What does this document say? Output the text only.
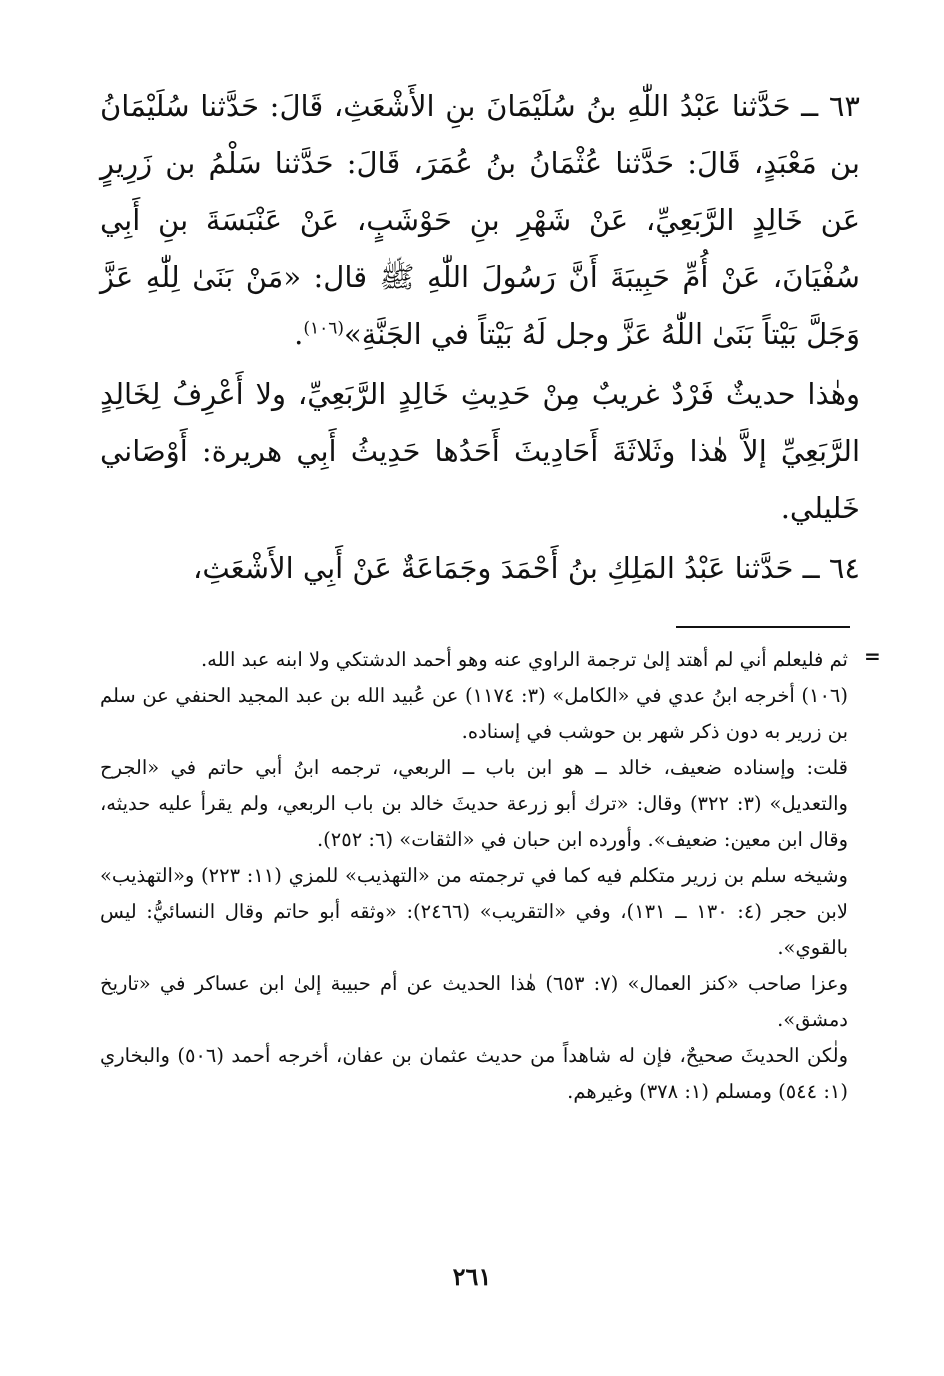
٦٣ ــ حَدَّثنا عَبْدُ اللّٰهِ بنُ سُلَيْمَانَ بنِ الأَشْعَثِ، قَالَ: حَدَّثنا سُلَيْمَانُ بن مَعْبَدٍ، قَالَ: حَدَّثنا عُثْمَانُ بنُ عُمَرَ، قَالَ: حَدَّثنا سَلْمُ بن زَرِيرٍ عَن خَالِدٍ الرَّبَعِيِّ، عَنْ شَهْرِ بنِ حَوْشَبٍ، عَنْ عَنْبَسَةَ بنِ أَبِي سُفْيَانَ، عَنْ أُمِّ حَبِيبَةَ أَنَّ رَسُولَ اللّٰهِ ﷺ قال: «مَنْ بَنَىٰ لِلّٰهِ عَزَّ وَجَلَّ بَيْتاً بَنَىٰ اللّٰهُ عَزَّ وجل لَهُ بَيْتاً في الجَنَّةِ»$^{(١٠٦)}$.

وهٰذا حديثٌ فَرْدٌ غريبٌ مِنْ حَدِيثِ خَالِدٍ الرَّبَعِيِّ، ولا أَعْرِفُ لِخَالِدٍ الرَّبَعِيِّ إلاَّ هٰذا وثَلاثَةَ أَحَادِيثَ أَحَدُها حَدِيثُ أَبِي هريرة: أَوْصَاني خَليلي.

٦٤ ــ حَدَّثنا عَبْدُ المَلِكِ بنُ أَحْمَدَ وجَمَاعَةٌ عَنْ أَبِي الأَشْعَثِ،

=

ثم فليعلم أني لم أهتد إلىٰ ترجمة الراوي عنه وهو أحمد الدشتكي ولا ابنه عبد الله.

(١٠٦) أخرجه ابنُ عدي في «الكامل» (٣: ١١٧٤) عن عُبيد الله بن عبد المجيد الحنفي عن سلم بن زرير به دون ذكر شهر بن حوشب في إسناده.

قلت: وإسناده ضعيف، خالد ــ هو ابن باب ــ الربعي، ترجمه ابنُ أبي حاتم في «الجرح والتعديل» (٣: ٣٢٢) وقال: «ترك أبو زرعة حديثَ خالد بن باب الربعي، ولم يقرأ عليه حديثه، وقال ابن معين: ضعيف». وأورده ابن حبان في «الثقات» (٦: ٢٥٢).

وشيخه سلم بن زرير متكلم فيه كما في ترجمته من «التهذيب» للمزي (١١: ٢٢٣) و«التهذيب» لابن حجر (٤: ١٣٠ ــ ١٣١)، وفي «التقريب» (٢٤٦٦): «وثقه أبو حاتم وقال النسائيُّ: ليس بالقوي».

وعزا صاحب «كنز العمال» (٧: ٦٥٣) هٰذا الحديث عن أم حبيبة إلىٰ ابن عساكر في «تاريخ دمشق».

ولٰكن الحديثَ صحيحٌ، فإن له شاهداً من حديث عثمان بن عفان، أخرجه أحمد (٥٠٦) والبخاري (١: ٥٤٤) ومسلم (١: ٣٧٨) وغيرهم.

٢٦١
